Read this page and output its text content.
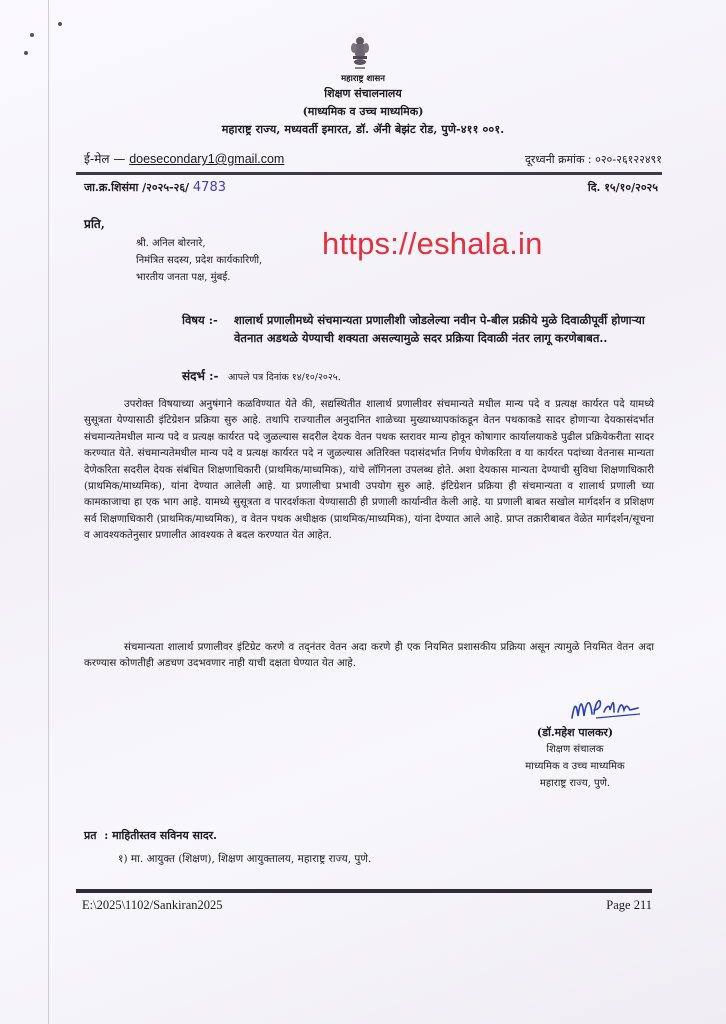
महाराष्ट्र शासन
शिक्षण संचालनालय
(माध्यमिक व उच्च माध्यमिक)
महाराष्ट्र राज्य, मध्यवर्ती इमारत, डॉ. ॲनी बेझंट रोड, पुणे-४११ ००१.
ई-मेल — doesecondary1@gmail.com	दूरध्वनी क्रमांक : ०२०-२६१२२४९१
जा.क्र.शिसंमा /२०२५-२६/ 4783	दि. १५/१०/२०२५
प्रति,
श्री. अनिल बोरनारे,
निमंत्रित सदस्य, प्रदेश कार्यकारिणी,
भारतीय जनता पक्ष, मुंबई.
https://eshala.in
विषय :- शालार्थ प्रणालीमध्ये संचमान्यता प्रणालीशी जोडलेल्या नवीन पे-बील प्रक्रीये मुळे दिवाळीपूर्वी होणाऱ्या वेतनात अडथळे येण्याची शक्यता असल्यामुळे सदर प्रक्रिया दिवाळी नंतर लागू करणेबाबत..
संदर्भ :- आपले पत्र दिनांक १४/१०/२०२५.
उपरोक्त विषयाच्या अनुषंगाने कळविण्यात येते की, सद्यस्थितीत शालार्थ प्रणालीवर संचमान्यते मधील मान्य पदे व प्रत्यक्ष कार्यरत पदे यामध्ये सुसूत्रता येण्यासाठी इंटिग्रेशन प्रक्रिया सुरु आहे. तथापि राज्यातील अनुदानित शाळेच्या मुख्याध्यापकांकडून वेतन पथकाकडे सादर होणाऱ्या देयकासंदर्भात संचमान्यतेमधील मान्य पदे व प्रत्यक्ष कार्यरत पदे जुळल्यास सदरील देयक वेतन पथक स्तरावर मान्य होवून कोषागार कार्यालयाकडे पुढील प्रक्रियेकरीता सादर करण्यात येते. संचमान्यतेमधील मान्य पदे व प्रत्यक्ष कार्यरत पदे न जुळल्यास अतिरिक्त पदासंदर्भात निर्णय घेणेकरिता व या कार्यरत पदांच्या वेतनास मान्यता देणेकरिता सदरील देयक संबंधित शिक्षणाधिकारी (प्राथमिक/माध्यमिक), यांचे लॉगिनला उपलब्ध होते. अशा देयकास मान्यता देण्याची सुविधा शिक्षणाधिकारी (प्राथमिक/माध्यमिक), यांना देण्यात आलेली आहे. या प्रणालीचा प्रभावी उपयोग सुरु आहे. इंटिग्रेशन प्रक्रिया ही संचमान्यता व शालार्थ प्रणाली च्या कामकाजाचा हा एक भाग आहे. यामध्ये सुसूत्रता व पारदर्शकता येण्यासाठी ही प्रणाली कार्यान्वीत केली आहे. या प्रणाली बाबत सखोल मार्गदर्शन व प्रशिक्षण सर्व शिक्षणाधिकारी (प्राथमिक/माध्यमिक), व वेतन पथक अधीक्षक (प्राथमिक/माध्यमिक), यांना देण्यात आले आहे. प्राप्त तक्रारीबाबत वेळेत मार्गदर्शन/सूचना व आवश्यकतेनुसार प्रणालीत आवश्यक ते बदल करण्यात येत आहेत.
संचमान्यता शालार्थ प्रणालीवर इंटिग्रेट करणे व तद्नंतर वेतन अदा करणे ही एक नियमित प्रशासकीय प्रक्रिया असून त्यामुळे नियमित वेतन अदा करण्यास कोणतीही अडचण उदभवणार नाही याची दक्षता घेण्यात येत आहे.
(डॉ.महेश पालकर)
शिक्षण संचालक
माध्यमिक व उच्च माध्यमिक
महाराष्ट्र राज्य, पुणे.
प्रत : माहितीस्तव सविनय सादर.
१) मा. आयुक्त (शिक्षण), शिक्षण आयुक्तालय, महाराष्ट्र राज्य, पुणे.
E:\2025\1102/Sankiran2025	Page 211
